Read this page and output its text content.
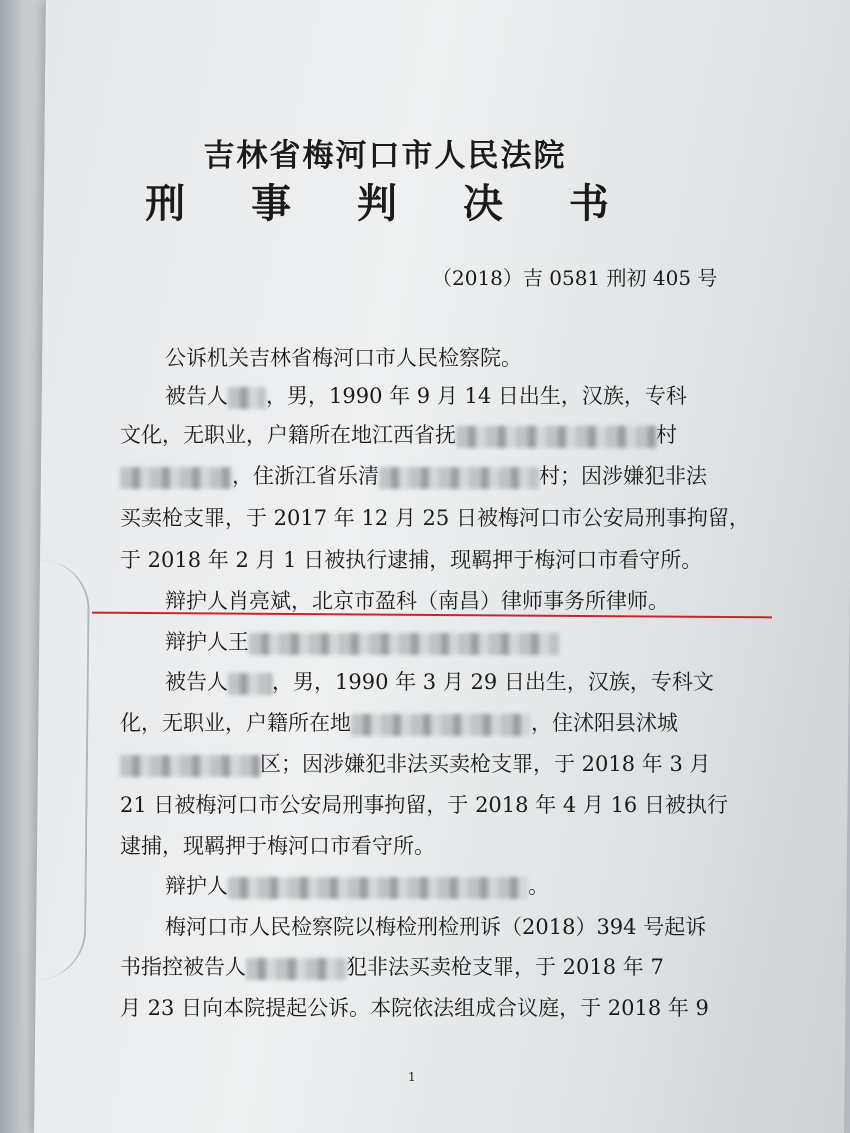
吉林省梅河口市人民法院
刑 事 判 决 书
（2018）吉 0581 刑初 405 号
公诉机关吉林省梅河口市人民检察院。
被告人 ，男，1990 年 9 月 14 日出生，汉族，专科
文化，无职业，户籍所在地江西省抚	村
，住浙江省乐清	村；因涉嫌犯非法
买卖枪支罪，于 2017 年 12 月 25 日被梅河口市公安局刑事拘留，
于 2018 年 2 月 1 日被执行逮捕，现羁押于梅河口市看守所。
辩护人肖亮斌，北京市盈科（南昌）律师事务所律师。
辩护人王
被告人 ，男，1990 年 3 月 29 日出生，汉族，专科文
化，无职业，户籍所在地	，住沭阳县沭城
区；因涉嫌犯非法买卖枪支罪，于 2018 年 3 月
21 日被梅河口市公安局刑事拘留，于 2018 年 4 月 16 日被执行
逮捕，现羁押于梅河口市看守所。
辩护人	。
梅河口市人民检察院以梅检刑检刑诉（2018）394 号起诉
书指控被告人	犯非法买卖枪支罪，于 2018 年 7
月 23 日向本院提起公诉。本院依法组成合议庭，于 2018 年 9
1
